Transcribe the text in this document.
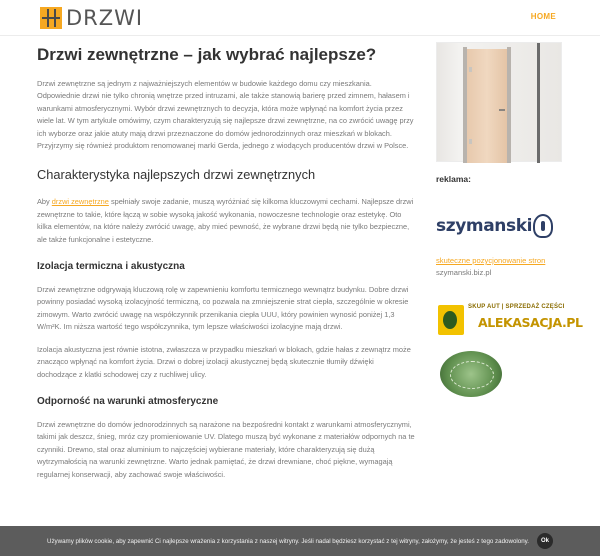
DRZWI	HOME
Drzwi zewnętrzne – jak wybrać najlepsze?

Drzwi zewnętrzne są jednym z najważniejszych elementów w budowie każdego domu czy mieszkania. Odpowiednie drzwi nie tylko chronią wnętrze przed intruzami, ale także stanowią barierę przed zimnem, hałasem i warunkami atmosferycznymi. Wybór drzwi zewnętrznych to decyzja, która może wpłynąć na komfort życia przez wiele lat. W tym artykule omówimy, czym charakteryzują się najlepsze drzwi zewnętrzne, na co zwrócić uwagę przy ich wyborze oraz jakie atuty mają drzwi przeznaczone do domów jednorodzinnych oraz mieszkań w blokach. Przyjrzymy się również produktom renomowanej marki Gerda, jednego z wiodących producentów drzwi w Polsce.

Charakterystyka najlepszych drzwi zewnętrznych

Aby drzwi zewnętrzne spełniały swoje zadanie, muszą wyróżniać się kilkoma kluczowymi cechami. Najlepsze drzwi zewnętrzne to takie, które łączą w sobie wysoką jakość wykonania, nowoczesne technologie oraz estetykę. Oto kilka elementów, na które należy zwrócić uwagę, aby mieć pewność, że wybrane drzwi będą nie tylko bezpieczne, ale także funkcjonalne i estetyczne.

Izolacja termiczna i akustyczna

Drzwi zewnętrzne odgrywają kluczową rolę w zapewnieniu komfortu termicznego wewnątrz budynku. Dobre drzwi powinny posiadać wysoką izolacyjność termiczną, co pozwala na zmniejszenie strat ciepła, szczególnie w okresie zimowym. Warto zwrócić uwagę na współczynnik przenikania ciepła UUU, który powinien wynosić poniżej 1,3 W/m²K. Im niższa wartość tego współczynnika, tym lepsze właściwości izolacyjne mają drzwi.

Izolacja akustyczna jest równie istotna, zwłaszcza w przypadku mieszkań w blokach, gdzie hałas z zewnątrz może znacząco wpłynąć na komfort życia. Drzwi o dobrej izolacji akustycznej będą skutecznie tłumiły dźwięki dochodzące z klatki schodowej czy z ruchliwej ulicy.

Odporność na warunki atmosferyczne

Drzwi zewnętrzne do domów jednorodzinnych są narażone na bezpośredni kontakt z warunkami atmosferycznymi, takimi jak deszcz, śnieg, mróz czy promieniowanie UV. Dlatego muszą być wykonane z materiałów odpornych na te czynniki. Drewno, stal oraz aluminium to najczęściej wybierane materiały, które charakteryzują się dużą wytrzymałością na warunki zewnętrzne. Warto jednak pamiętać, że drzwi drewniane, choć piękne, wymagają regularnej konserwacji, aby zachować swoje właściwości.

reklama:
szymanski
skuteczne pozycjonowanie stron
szymanski.biz.pl
SKUP AUT | SPRZEDAŻ CZĘŚCI
ALEKASACJA.PL
Używamy plików cookie, aby zapewnić Ci najlepsze wrażenia z korzystania z naszej witryny. Jeśli nadal będziesz korzystać z tej witryny, założymy, że jesteś z tego zadowolony.	Ok
